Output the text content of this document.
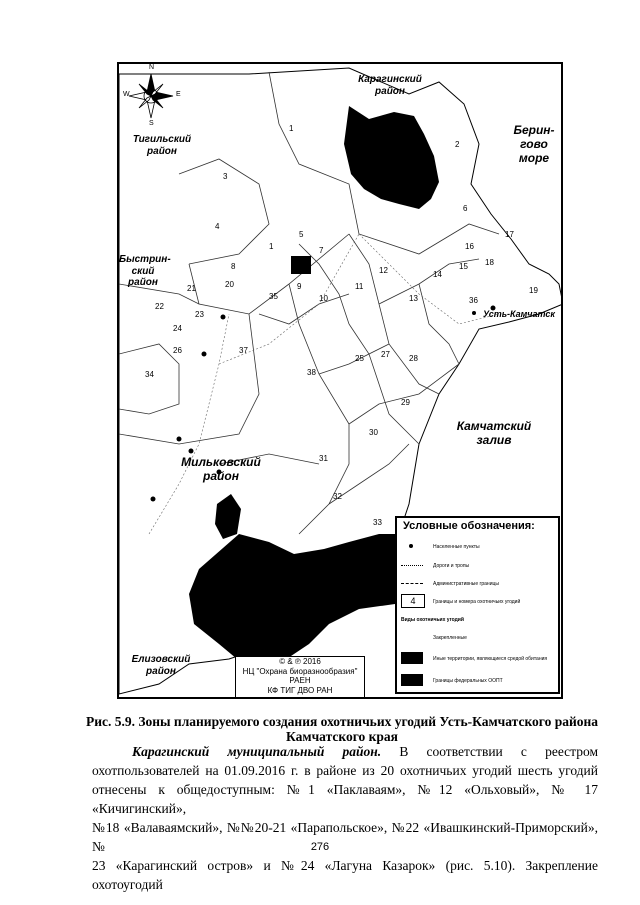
N
S
W	E
Карагинский район
Тигильский
район
Берин-
гово
море
Быстрин-
ский
район
Усть-Камчатск
Камчатский
залив
Мильковский
район
Елизовский
район
1
1
2
3
4
5
6
7
8
9
10
11
12
13
14
15
16
17
18
19
20
21
22
23
24
25
26	27 28
29
30
31
32
33
34
35	36
37
38
© & ℗ 2016
НЦ "Охрана биоразнообразия" РАЕН
КФ ТИГ ДВО РАН
Условные обозначения:
Населенные пункты
Дороги и тропы
Административные границы
4	Границы и номера охотничьих угодий
Виды охотничьих угодий
Закрепленные
Иные территории, являющиеся средой обитания
Границы федеральных ООПТ
Рис. 5.9. Зоны планируемого создания охотничьих угодий Усть-Камчатского района
Камчатского края
Карагинский муниципальный район. В соответствии с реестром
охотпользователей на 01.09.2016 г. в районе из 20 охотничьих угодий шесть угодий
отнесены к общедоступным: №1 «Паклаваям», №12 «Ольховый», № 17 «Кичигинский»,
№18 «Валаваямский», №№20-21 «Парапольское», №22 «Ивашкинский-Приморский», №
23 «Карагинский остров» и №24 «Лагуна Казарок» (рис. 5.10). Закрепление охотоугодий
276
